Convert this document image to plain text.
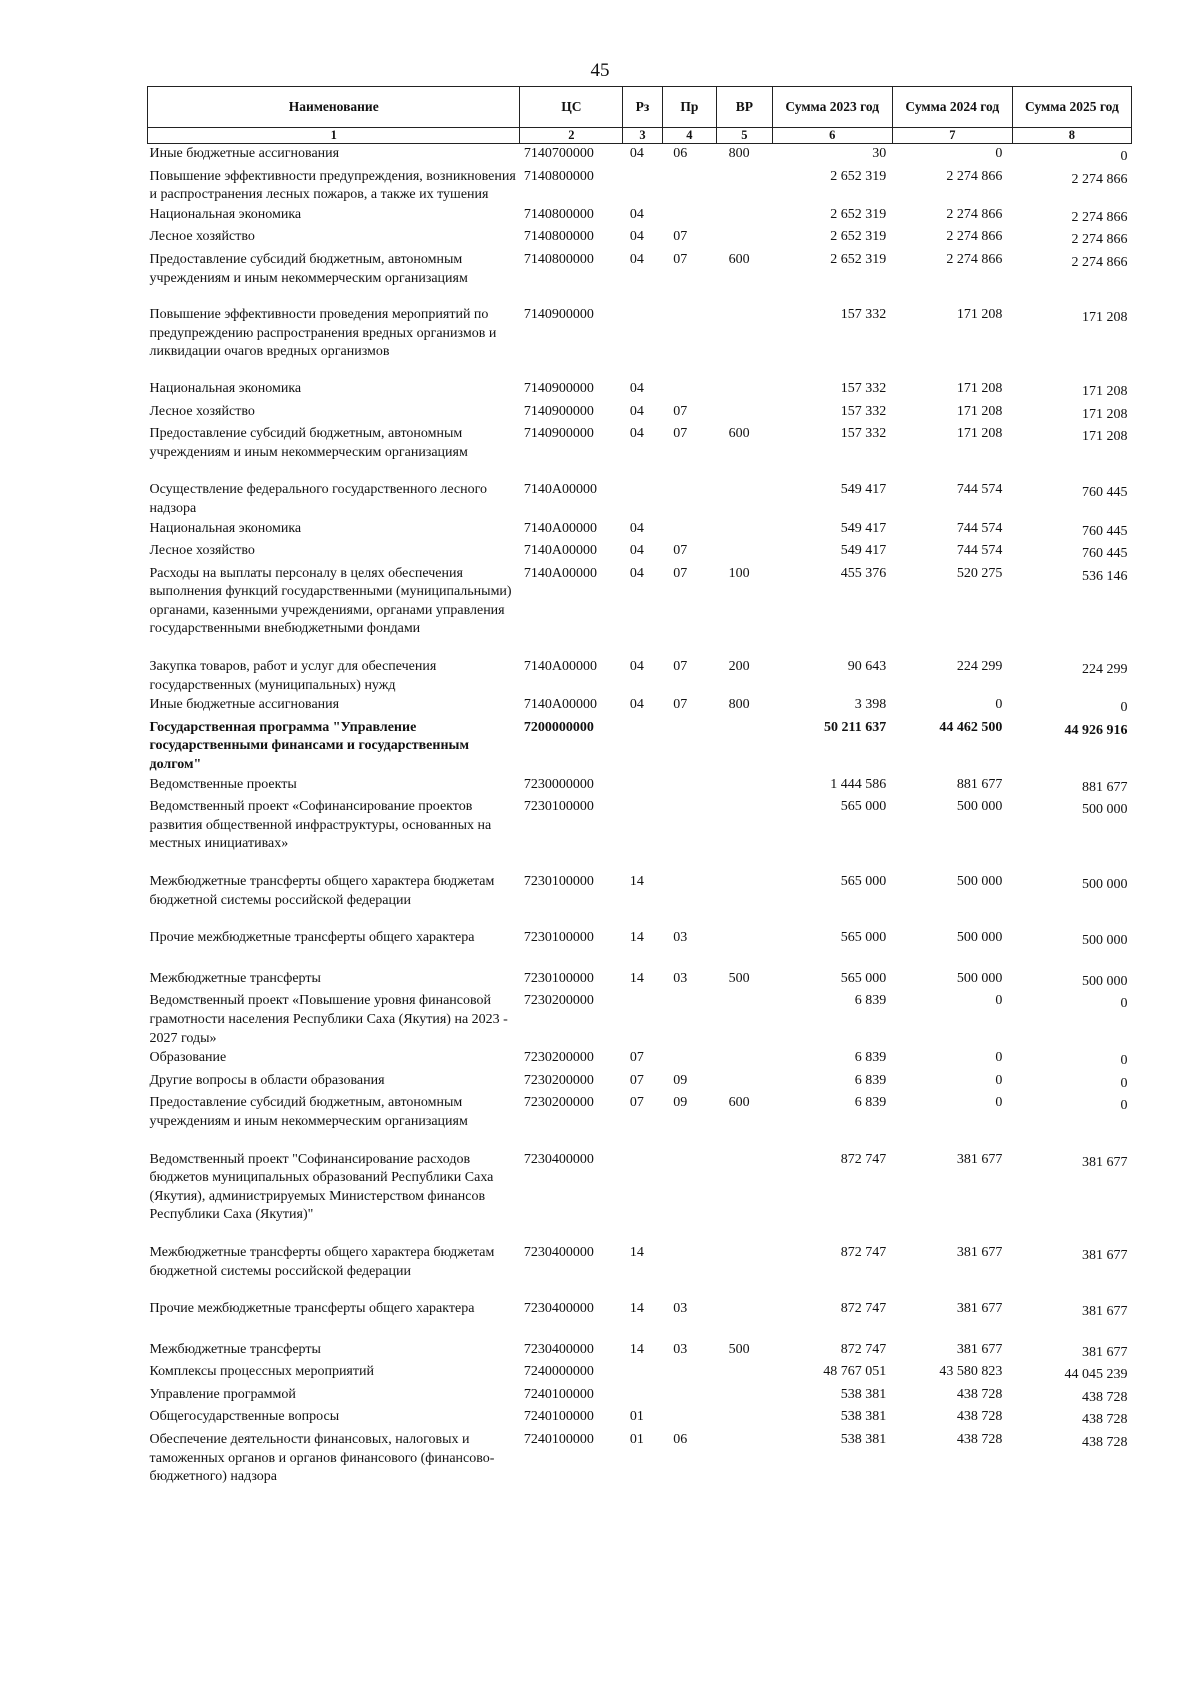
45
Наименование	ЦС	Рз	Пр	ВР	Сумма 2023 год	Сумма 2024 год	Сумма 2025 год
1	2	3	4	5	6	7	8
Иные бюджетные ассигнования	7140700000	04	06	800	30	0	0
Повышение эффективности предупреждения, возникновения и распространения лесных пожаров, а также их тушения	7140800000				2 652 319	2 274 866	2 274 866
Национальная экономика	7140800000	04			2 652 319	2 274 866	2 274 866
Лесное хозяйство	7140800000	04	07		2 652 319	2 274 866	2 274 866
Предоставление субсидий бюджетным, автономным учреждениям и иным некоммерческим организациям	7140800000	04	07	600	2 652 319	2 274 866	2 274 866
Повышение эффективности проведения мероприятий по предупреждению распространения вредных организмов и ликвидации очагов вредных организмов	7140900000				157 332	171 208	171 208
Национальная экономика	7140900000	04			157 332	171 208	171 208
Лесное хозяйство	7140900000	04	07		157 332	171 208	171 208
Предоставление субсидий бюджетным, автономным учреждениям и иным некоммерческим организациям	7140900000	04	07	600	157 332	171 208	171 208
Осуществление федерального государственного лесного надзора	7140А00000				549 417	744 574	760 445
Национальная экономика	7140А00000	04			549 417	744 574	760 445
Лесное хозяйство	7140А00000	04	07		549 417	744 574	760 445
Расходы на выплаты персоналу в целях обеспечения выполнения функций государственными (муниципальными) органами, казенными учреждениями, органами управления государственными внебюджетными фондами	7140А00000	04	07	100	455 376	520 275	536 146
Закупка товаров, работ и услуг для обеспечения государственных (муниципальных) нужд	7140А00000	04	07	200	90 643	224 299	224 299
Иные бюджетные ассигнования	7140А00000	04	07	800	3 398	0	0
Государственная программа "Управление государственными финансами и государственным долгом"	7200000000				50 211 637	44 462 500	44 926 916
Ведомственные проекты	7230000000				1 444 586	881 677	881 677
Ведомственный проект «Софинансирование проектов развития общественной инфраструктуры, основанных на местных инициативах»	7230100000				565 000	500 000	500 000
Межбюджетные трансферты общего характера бюджетам бюджетной системы российской федерации	7230100000	14			565 000	500 000	500 000
Прочие межбюджетные трансферты общего характера	7230100000	14	03		565 000	500 000	500 000
Межбюджетные трансферты	7230100000	14	03	500	565 000	500 000	500 000
Ведомственный проект «Повышение уровня финансовой грамотности населения Республики Саха (Якутия) на 2023 - 2027 годы»	7230200000				6 839	0	0
Образование	7230200000	07			6 839	0	0
Другие вопросы в области образования	7230200000	07	09		6 839	0	0
Предоставление субсидий бюджетным, автономным учреждениям и иным некоммерческим организациям	7230200000	07	09	600	6 839	0	0
Ведомственный проект "Софинансирование расходов бюджетов муниципальных образований Республики Саха (Якутия), администрируемых Министерством финансов Республики Саха (Якутия)"	7230400000				872 747	381 677	381 677
Межбюджетные трансферты общего характера бюджетам бюджетной системы российской федерации	7230400000	14			872 747	381 677	381 677
Прочие межбюджетные трансферты общего характера	7230400000	14	03		872 747	381 677	381 677
Межбюджетные трансферты	7230400000	14	03	500	872 747	381 677	381 677
Комплексы процессных мероприятий	7240000000				48 767 051	43 580 823	44 045 239
Управление программой	7240100000				538 381	438 728	438 728
Общегосударственные вопросы	7240100000	01			538 381	438 728	438 728
Обеспечение деятельности финансовых, налоговых и таможенных органов и органов финансового (финансово-бюджетного) надзора	7240100000	01	06		538 381	438 728	438 728
